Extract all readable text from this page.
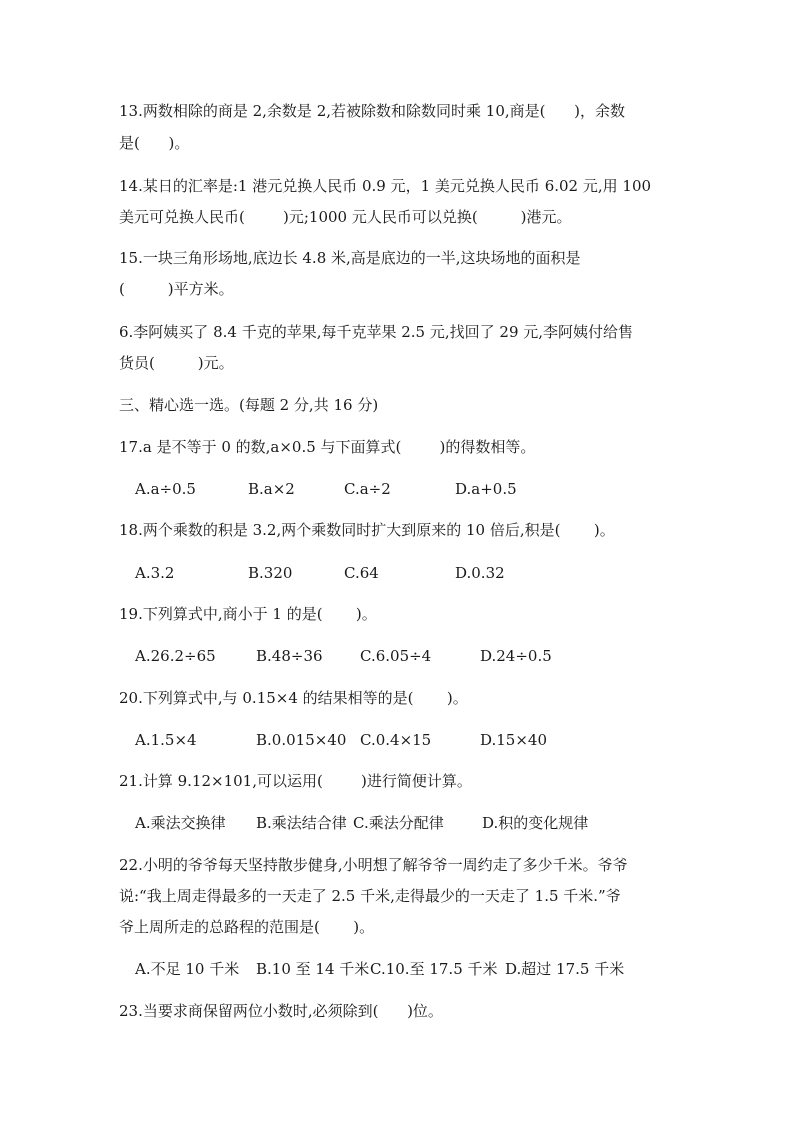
13.两数相除的商是 2,余数是 2,若被除数和除数同时乘 10,商是(      )，余数
是(      )。
14.某日的汇率是:1 港元兑换人民币 0.9 元，1 美元兑换人民币 6.02 元,用 100
美元可兑换人民币(        )元;1000 元人民币可以兑换(         )港元。
15.一块三角形场地,底边长 4.8 米,高是底边的一半,这块场地的面积是
(         )平方米。
6.李阿姨买了 8.4 千克的苹果,每千克苹果 2.5 元,找回了 29 元,李阿姨付给售
货员(         )元。
三、精心选一选。(每题 2 分,共 16 分)
17.a 是不等于 0 的数,a×0.5 与下面算式(        )的得数相等。
A.a÷0.5	B.a×2	C.a÷2	D.a+0.5
18.两个乘数的积是 3.2,两个乘数同时扩大到原来的 10 倍后,积是(       )。
A.3.2	B.320	C.64	D.0.32
19.下列算式中,商小于 1 的是(       )。
A.26.2÷65	B.48÷36 C.6.05÷4	D.24÷0.5
20.下列算式中,与 0.15×4 的结果相等的是(       )。
A.1.5×4	B.0.015×40 C.0.4×15	D.15×40
21.计算 9.12×101,可以运用(        )进行简便计算。
A.乘法交换律 B.乘法结合律 C.乘法分配律	D.积的变化规律
22.小明的爷爷每天坚持散步健身,小明想了解爷爷一周约走了多少千米。爷爷
说:“我上周走得最多的一天走了 2.5 千米,走得最少的一天走了 1.5 千米.”爷
爷上周所走的总路程的范围是(       )。
A.不足 10 千米 B.10 至 14 千米 C.10.至 17.5 千米 D.超过 17.5 千米
23.当要求商保留两位小数时,必须除到(      )位。
